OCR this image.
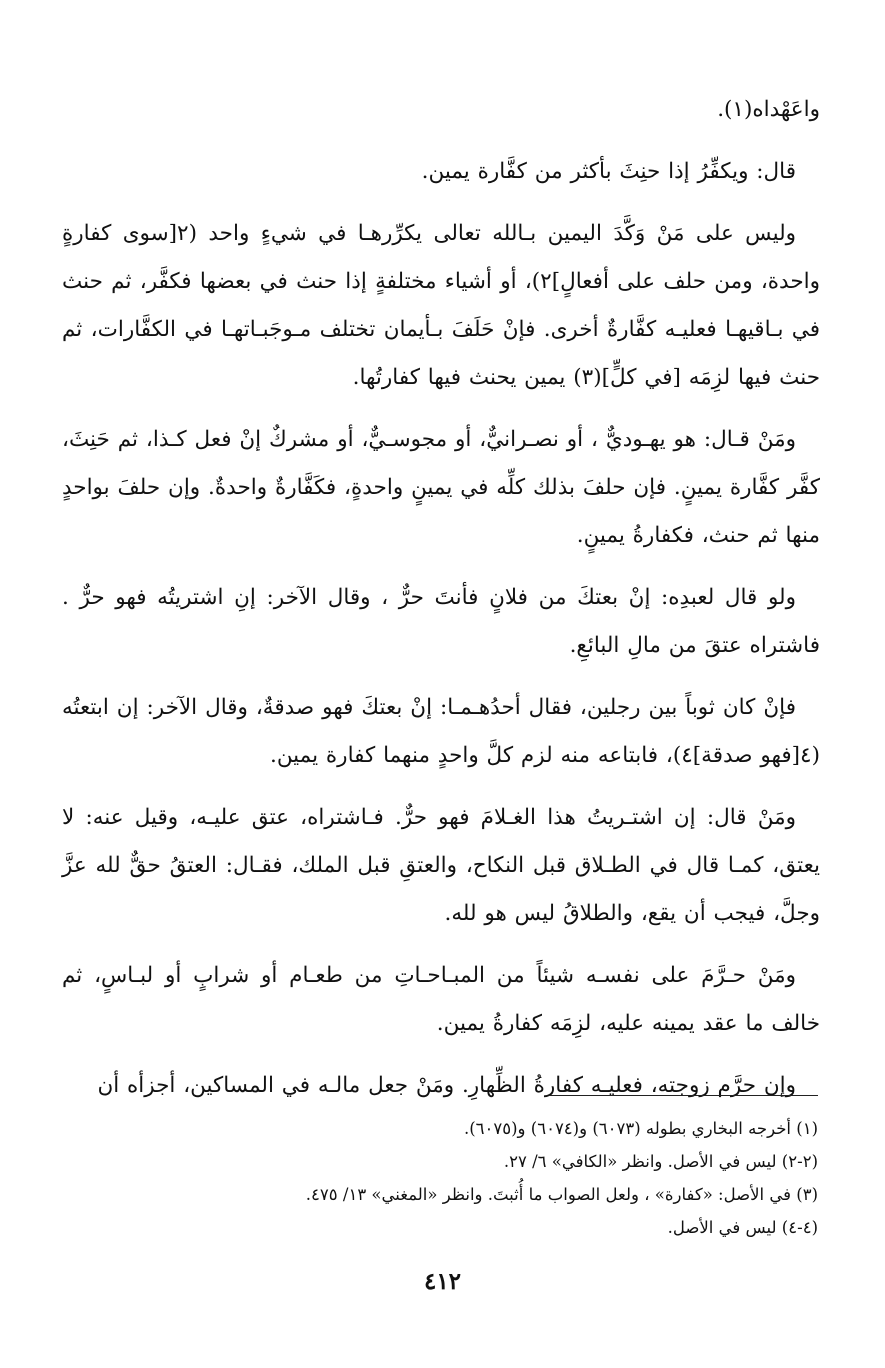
واعَهْداه(١).

قال: ويكفِّرُ إذا حنِثَ بأكثر من كفَّارة يمين.

وليس على مَنْ وَكَّدَ اليمين بـالله تعالى يكرِّرهـا في شيءٍ واحد (٢[سوى كفارةٍ واحدة، ومن حلف على أفعالٍ]٢)، أو أشياء مختلفةٍ إذا حنث في بعضها فكفَّر، ثم حنث في بـاقيهـا فعليـه كفَّارةٌ أخرى. فإنْ حَلَفَ بـأيمان تختلف مـوجَبـاتهـا في الكفَّارات، ثم حنث فيها لزِمَه [في كلٍّ](٣) يمين يحنث فيها كفارتُها.

ومَنْ قـال: هو يهـوديٌّ ، أو نصـرانيٌّ، أو مجوسـيٌّ، أو مشركٌ إنْ فعل كـذا، ثم حَنِثَ، كفَّر كفَّارة يمينٍ. فإن حلفَ بذلك كلِّه في يمينٍ واحدةٍ، فكَفَّارةٌ واحدةٌ. وإن حلفَ بواحدٍ منها ثم حنث، فكفارةُ يمينٍ.

ولو قال لعبدِه: إنْ بعتكَ من فلانٍ فأنتَ حرٌّ ، وقال الآخر: إنِ اشتريتُه فهو حرٌّ . فاشتراه عتقَ من مالِ البائعِ.

فإنْ كان ثوباً بين رجلين، فقال أحدُهـمـا: إنْ بعتكَ فهو صدقةٌ، وقال الآخر: إن ابتعتُه (٤[فهو صدقة]٤)، فابتاعه منه لزم كلَّ واحدٍ منهما كفارة يمين.

ومَنْ قال: إن اشتـريتُ هذا الغـلامَ فهو حرٌّ. فـاشتراه، عتق عليـه، وقيل عنه: لا يعتق، كمـا قال في الطـلاق قبل النكاح، والعتقِ قبل الملك، فقـال: العتقُ حقٌّ لله عزَّ وجلَّ، فيجب أن يقع، والطلاقُ ليس هو لله.

ومَنْ حـرَّمَ على نفسـه شيئاً من المبـاحـاتِ من طعـام أو شرابٍ أو لبـاسٍ، ثم خالف ما عقد يمينه عليه، لزِمَه كفارةُ يمين.

وإن حرَّم زوجته، فعليـه كفارةُ الظِّهارِ. ومَنْ جعل مالـه في المساكين، أجزأه أن

(١) أخرجه البخاري بطوله (٦٠٧٣) و(٦٠٧٤) و(٦٠٧٥).

(٢-٢) ليس في الأصل. وانظر «الكافي» ٦/ ٢٧.

(٣) في الأصل: «كفارة» ، ولعل الصواب ما أُثبتَ. وانظر «المغني» ١٣/ ٤٧٥.

(٤-٤) ليس في الأصل.

٤١٢
